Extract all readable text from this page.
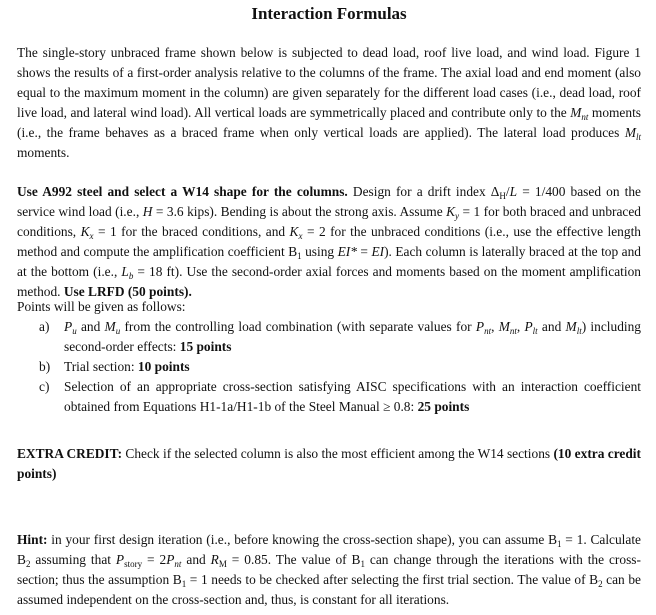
Interaction Formulas

The single-story unbraced frame shown below is subjected to dead load, roof live load, and wind load. Figure 1 shows the results of a first-order analysis relative to the columns of the frame. The axial load and end moment (also equal to the maximum moment in the column) are given separately for the different load cases (i.e., dead load, roof live load, and lateral wind load). All vertical loads are symmetrically placed and contribute only to the $M_{nt}$ moments (i.e., the frame behaves as a braced frame when only vertical loads are applied). The lateral load produces $M_{lt}$ moments.

Use A992 steel and select a W14 shape for the columns. Design for a drift index $\Delta_H/L = 1/400$ based on the service wind load (i.e., H = 3.6 kips). Bending is about the strong axis. Assume $K_y = 1$ for both braced and unbraced conditions, $K_x = 1$ for the braced conditions, and $K_x = 2$ for the unbraced conditions (i.e., use the effective length method and compute the amplification coefficient $B_1$ using EI* = EI). Each column is laterally braced at the top and at the bottom (i.e., $L_b = 18$ ft). Use the second-order axial forces and moments based on the moment amplification method. Use LRFD (50 points).

Points will be given as follows:
a) $P_u$ and $M_u$ from the controlling load combination (with separate values for $P_{nt}$, $M_{nt}$, $P_{lt}$ and $M_{lt}$) including second-order effects: 15 points
b) Trial section: 10 points
c) Selection of an appropriate cross-section satisfying AISC specifications with an interaction coefficient obtained from Equations H1-1a/H1-1b of the Steel Manual ≥ 0.8: 25 points

EXTRA CREDIT: Check if the selected column is also the most efficient among the W14 sections (10 extra credit points)

Hint: in your first design iteration (i.e., before knowing the cross-section shape), you can assume $B_1 = 1$. Calculate $B_2$ assuming that $P_{story} = 2P_{nt}$ and $R_M = 0.85$. The value of $B_1$ can change through the iterations with the cross-section; thus the assumption $B_1 = 1$ needs to be checked after selecting the first trial section. The value of $B_2$ can be assumed independent on the cross-section and, thus, is constant for all iterations.
